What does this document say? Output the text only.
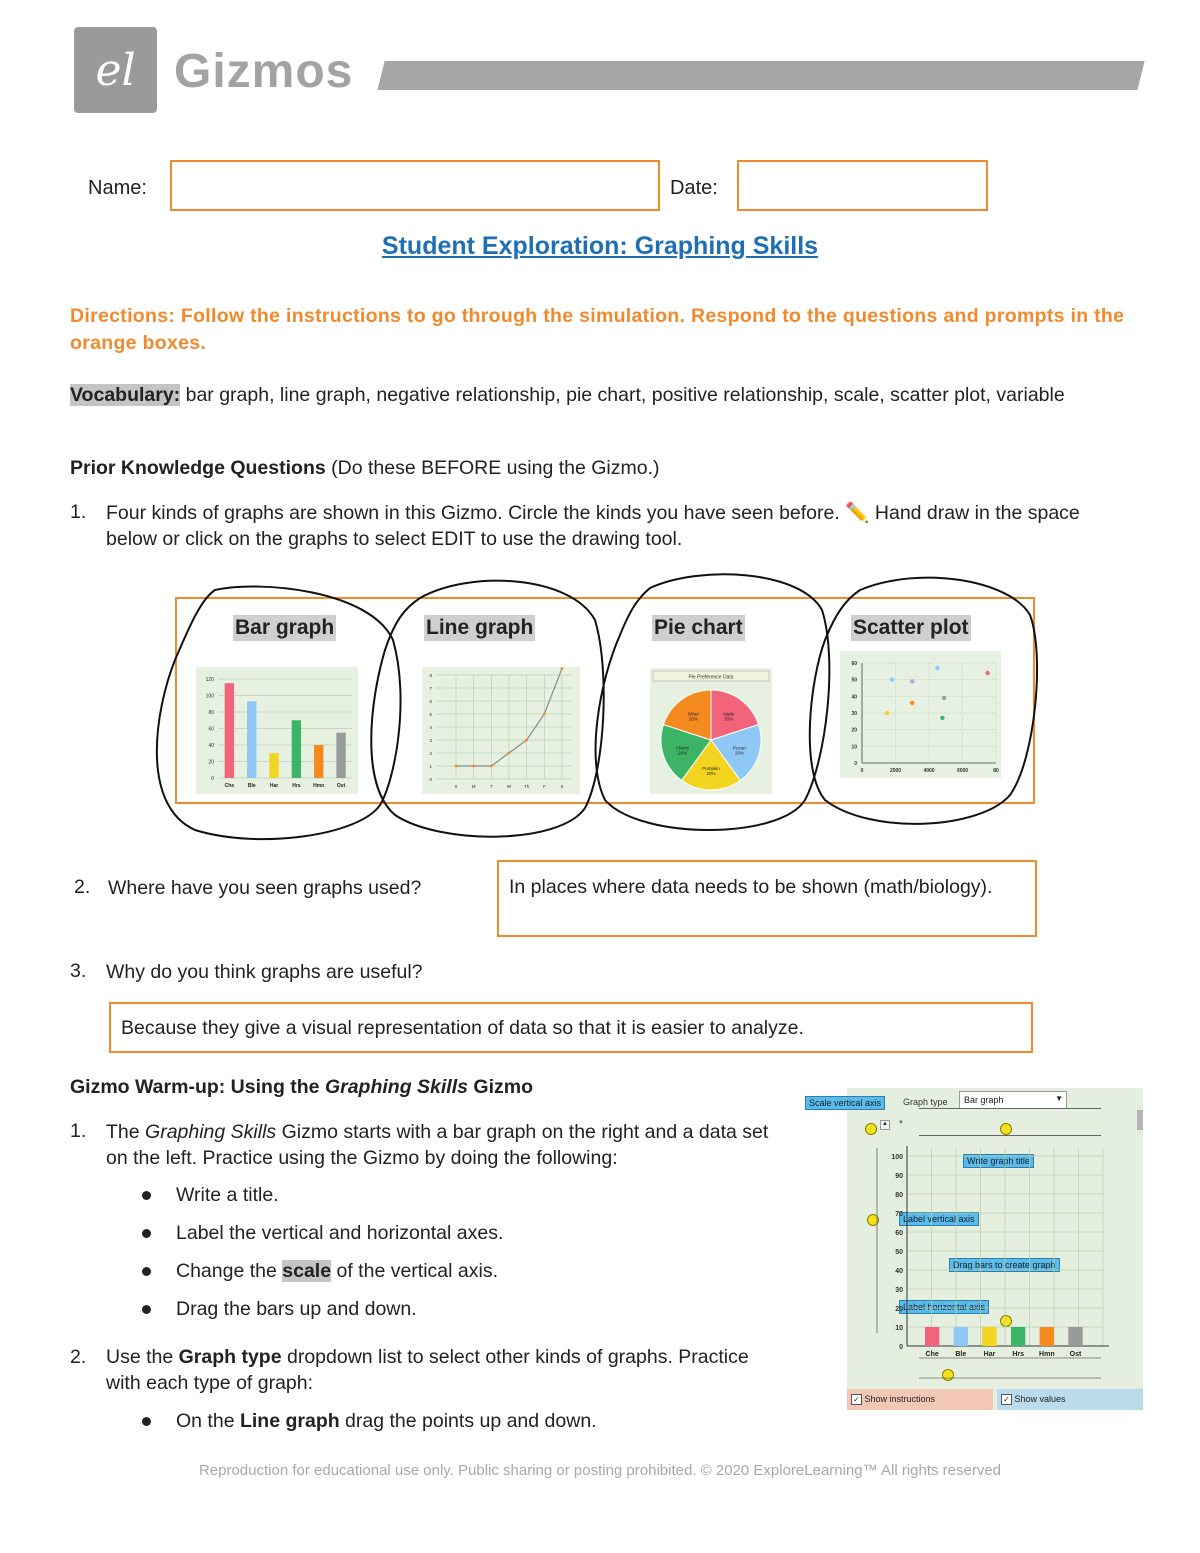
el Gizmos
Name:	Date:
Student Exploration: Graphing Skills
Directions: Follow the instructions to go through the simulation. Respond to the questions and prompts in the orange boxes.
Vocabulary: bar graph, line graph, negative relationship, pie chart, positive relationship, scale, scatter plot, variable
Prior Knowledge Questions (Do these BEFORE using the Gizmo.)
1. Four kinds of graphs are shown in this Gizmo. Circle the kinds you have seen before. ✏️ Hand draw in the space below or click on the graphs to select EDIT to use the drawing tool.
Bar graph	Line graph	Pie chart	Scatter plot
120
100
80
60
40
20
0
Che	Ble	Har	Hrs	Hmn	Ost
8
7
6
5
4
3
2
1
0
S	M	T	W	Th	F	S
Pie Preference Data
Apple 20%
Pecan 20%
Pumpkin 20%
Cherry 20%
Other 20%
60
50
40
30
20
10
0
0	2000	4000	6000	80
2. Where have you seen graphs used?	In places where data needs to be shown (math/biology).
3. Why do you think graphs are useful?
Because they give a visual representation of data so that it is easier to analyze.
Gizmo Warm-up: Using the Graphing Skills Gizmo
1. The Graphing Skills Gizmo starts with a bar graph on the right and a data set on the left. Practice using the Gizmo by doing the following:
Write a title.
Label the vertical and horizontal axes.
Change the scale of the vertical axis.
Drag the bars up and down.
2. Use the Graph type dropdown list to select other kinds of graphs. Practice with each type of graph:
On the Line graph drag the points up and down.
Scale vertical axis	Graph type	Bar graph	▼
▲	▼
Write graph title
Label vertical axis
Drag bars to create graph
Label horizontal axis
✓ Show instructions	✓ Show values
100
90
80
70
60
50
40
30
20
10
0
Che Ble Har Hrs Hmn Ost
Reproduction for educational use only. Public sharing or posting prohibited. © 2020 ExploreLearning™ All rights reserved
